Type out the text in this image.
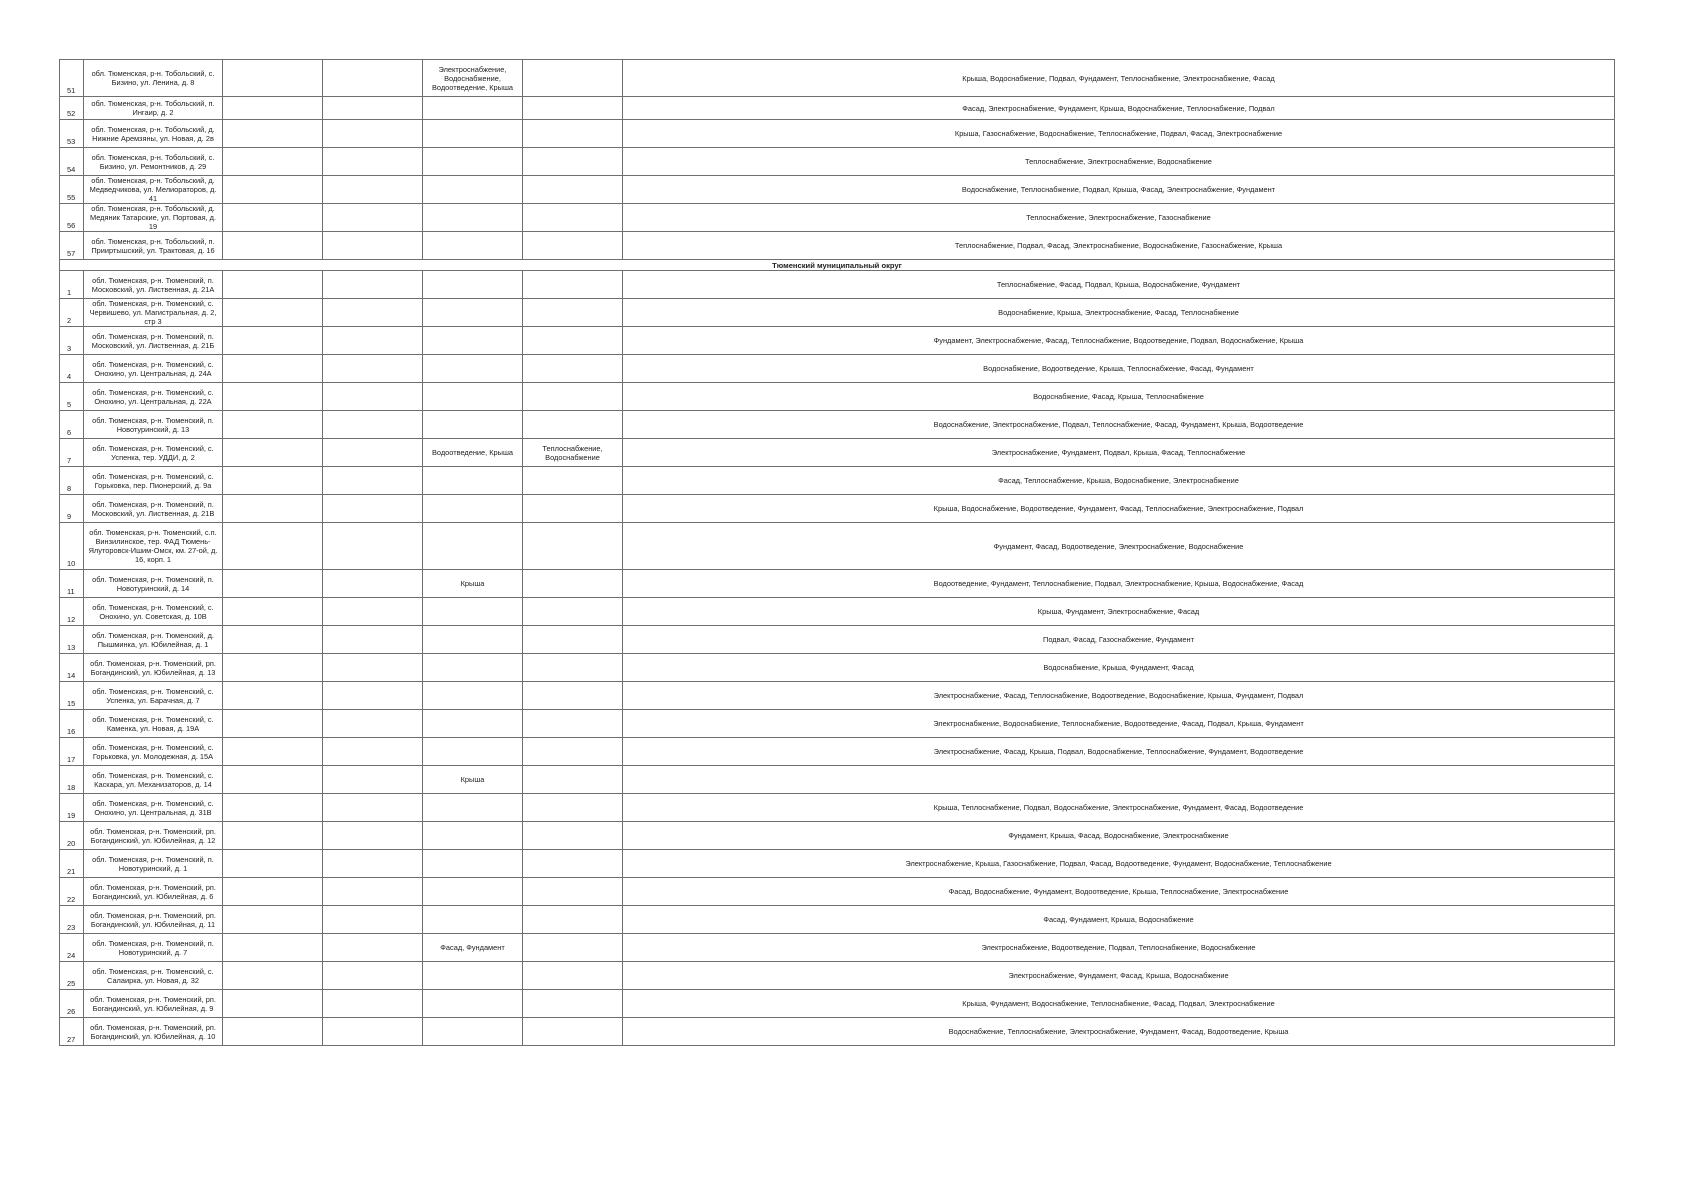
51	обл. Тюменская, р-н. Тобольский, с. Бизино, ул. Ленина, д. 8			Электроснабжение, Водоснабжение, Водоотведение, Крыша		Крыша, Водоснабжение, Подвал, Фундамент, Теплоснабжение, Электроснабжение, Фасад
52	обл. Тюменская, р-н. Тобольский, п. Ингаир, д. 2					Фасад, Электроснабжение, Фундамент, Крыша, Водоснабжение, Теплоснабжение, Подвал
53	обл. Тюменская, р-н. Тобольский, д. Нижние Аремзяны, ул. Новая, д. 2в					Крыша, Газоснабжение, Водоснабжение, Теплоснабжение, Подвал, Фасад, Электроснабжение
54	обл. Тюменская, р-н. Тобольский, с. Бизино, ул. Ремонтников, д. 29					Теплоснабжение, Электроснабжение, Водоснабжение
55	обл. Тюменская, р-н. Тобольский, д. Медведчикова, ул. Мелиораторов, д. 41					Водоснабжение, Теплоснабжение, Подвал, Крыша, Фасад, Электроснабжение, Фундамент
56	обл. Тюменская, р-н. Тобольский, д. Медяник Татарские, ул. Портовая, д. 19					Теплоснабжение, Электроснабжение, Газоснабжение
57	обл. Тюменская, р-н. Тобольский, п. Прииртышский, ул. Трактовая, д. 16					Теплоснабжение, Подвал, Фасад, Электроснабжение, Водоснабжение, Газоснабжение, Крыша
Тюменский муниципальный округ						
1	обл. Тюменская, р-н. Тюменский, п. Московский, ул. Лиственная, д. 21А					Теплоснабжение, Фасад, Подвал, Крыша, Водоснабжение, Фундамент
2	обл. Тюменская, р-н. Тюменский, с. Червишево, ул. Магистральная, д. 2, стр 3					Водоснабжение, Крыша, Электроснабжение, Фасад, Теплоснабжение
3	обл. Тюменская, р-н. Тюменский, п. Московский, ул. Лиственная, д. 21Б					Фундамент, Электроснабжение, Фасад, Теплоснабжение, Водоотведение, Подвал, Водоснабжение, Крыша
4	обл. Тюменская, р-н. Тюменский, с. Онохино, ул. Центральная, д. 24А					Водоснабжение, Водоотведение, Крыша, Теплоснабжение, Фасад, Фундамент
5	обл. Тюменская, р-н. Тюменский, с. Онохино, ул. Центральная, д. 22А					Водоснабжение, Фасад, Крыша, Теплоснабжение
6	обл. Тюменская, р-н. Тюменский, п. Новотуринский, д. 13					Водоснабжение, Электроснабжение, Подвал, Теплоснабжение, Фасад, Фундамент, Крыша, Водоотведение
7	обл. Тюменская, р-н. Тюменский, с. Успенка, тер. УДДИ, д. 2			Водоотведение, Крыша	Теплоснабжение, Водоснабжение	Электроснабжение, Фундамент, Подвал, Крыша, Фасад, Теплоснабжение
8	обл. Тюменская, р-н. Тюменский, с. Горьковка, пер. Пионерский, д. 9а					Фасад, Теплоснабжение, Крыша, Водоснабжение, Электроснабжение
9	обл. Тюменская, р-н. Тюменский, п. Московский, ул. Лиственная, д. 21В					Крыша, Водоснабжение, Водоотведение, Фундамент, Фасад, Теплоснабжение, Электроснабжение, Подвал
10	обл. Тюменская, р-н. Тюменский, с.п. Винзилинское, тер. ФАД Тюмень-Ялуторовск-Ишим-Омск, км. 27-ой, д. 16, корп. 1					Фундамент, Фасад, Водоотведение, Электроснабжение, Водоснабжение
11	обл. Тюменская, р-н. Тюменский, п. Новотуринский, д. 14			Крыша		Водоотведение, Фундамент, Теплоснабжение, Подвал, Электроснабжение, Крыша, Водоснабжение, Фасад
12	обл. Тюменская, р-н. Тюменский, с. Онохино, ул. Советская, д. 10В					Крыша, Фундамент, Электроснабжение, Фасад
13	обл. Тюменская, р-н. Тюменский, д. Пышминка, ул. Юбилейная, д. 1					Подвал, Фасад, Газоснабжение, Фундамент
14	обл. Тюменская, р-н. Тюменский, рп. Богандинский, ул. Юбилейная, д. 13					Водоснабжение, Крыша, Фундамент, Фасад
15	обл. Тюменская, р-н. Тюменский, с. Успенка, ул. Барачная, д. 7					Электроснабжение, Фасад, Теплоснабжение, Водоотведение, Водоснабжение, Крыша, Фундамент, Подвал
16	обл. Тюменская, р-н. Тюменский, с. Каменка, ул. Новая, д. 19А					Электроснабжение, Водоснабжение, Теплоснабжение, Водоотведение, Фасад, Подвал, Крыша, Фундамент
17	обл. Тюменская, р-н. Тюменский, с. Горьковка, ул. Молодежная, д. 15А					Электроснабжение, Фасад, Крыша, Подвал, Водоснабжение, Теплоснабжение, Фундамент, Водоотведение
18	обл. Тюменская, р-н. Тюменский, с. Каскара, ул. Механизаторов, д. 14			Крыша		
19	обл. Тюменская, р-н. Тюменский, с. Онохино, ул. Центральная, д. 31В					Крыша, Теплоснабжение, Подвал, Водоснабжение, Электроснабжение, Фундамент, Фасад, Водоотведение
20	обл. Тюменская, р-н. Тюменский, рп. Богандинский, ул. Юбилейная, д. 12					Фундамент, Крыша, Фасад, Водоснабжение, Электроснабжение
21	обл. Тюменская, р-н. Тюменский, п. Новотуринский, д. 1					Электроснабжение, Крыша, Газоснабжение, Подвал, Фасад, Водоотведение, Фундамент, Водоснабжение, Теплоснабжение
22	обл. Тюменская, р-н. Тюменский, рп. Богандинский, ул. Юбилейная, д. 6					Фасад, Водоснабжение, Фундамент, Водоотведение, Крыша, Теплоснабжение, Электроснабжение
23	обл. Тюменская, р-н. Тюменский, рп. Богандинский, ул. Юбилейная, д. 11					Фасад, Фундамент, Крыша, Водоснабжение
24	обл. Тюменская, р-н. Тюменский, п. Новотуринский, д. 7			Фасад, Фундамент		Электроснабжение, Водоотведение, Подвал, Теплоснабжение, Водоснабжение
25	обл. Тюменская, р-н. Тюменский, с. Салаирка, ул. Новая, д. 32					Электроснабжение, Фундамент, Фасад, Крыша, Водоснабжение
26	обл. Тюменская, р-н. Тюменский, рп. Богандинский, ул. Юбилейная, д. 9					Крыша, Фундамент, Водоснабжение, Теплоснабжение, Фасад, Подвал, Электроснабжение
27	обл. Тюменская, р-н. Тюменский, рп. Богандинский, ул. Юбилейная, д. 10					Водоснабжение, Теплоснабжение, Электроснабжение, Фундамент, Фасад, Водоотведение, Крыша
